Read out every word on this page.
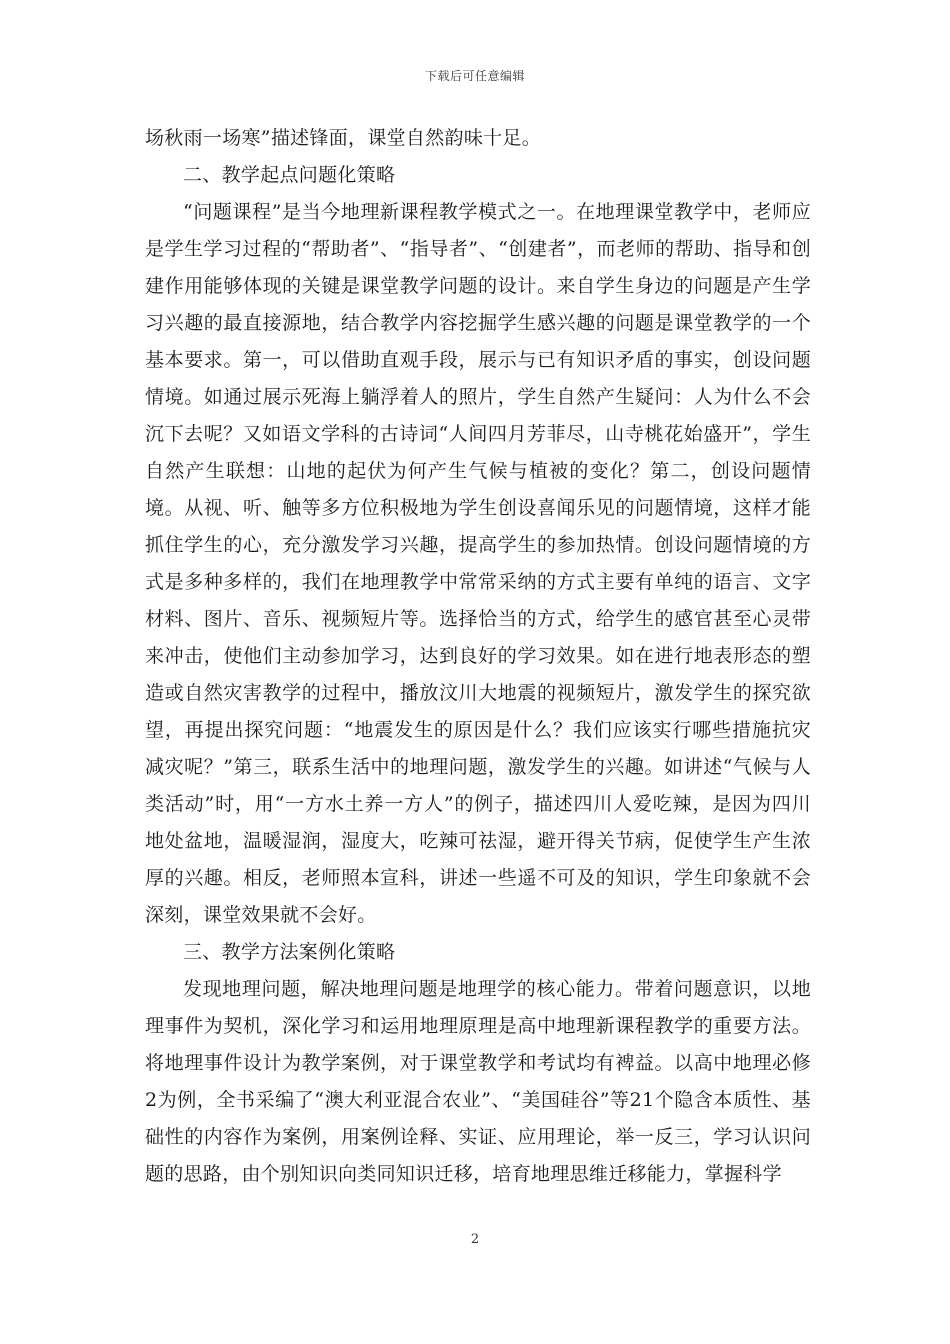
下载后可任意编辑

场秋雨一场寒”描述锋面，课堂自然韵味十足。

二、教学起点问题化策略

“问题课程”是当今地理新课程教学模式之一。在地理课堂教学中，老师应是学生学习过程的“帮助者”、“指导者”、“创建者”，而老师的帮助、指导和创建作用能够体现的关键是课堂教学问题的设计。来自学生身边的问题是产生学习兴趣的最直接源地，结合教学内容挖掘学生感兴趣的问题是课堂教学的一个基本要求。第一，可以借助直观手段，展示与已有知识矛盾的事实，创设问题情境。如通过展示死海上躺浮着人的照片，学生自然产生疑问：人为什么不会沉下去呢？又如语文学科的古诗词“人间四月芳菲尽，山寺桃花始盛开”，学生自然产生联想：山地的起伏为何产生气候与植被的变化？第二，创设问题情境。从视、听、触等多方位积极地为学生创设喜闻乐见的问题情境，这样才能抓住学生的心，充分激发学习兴趣，提高学生的参加热情。创设问题情境的方式是多种多样的，我们在地理教学中常常采纳的方式主要有单纯的语言、文字材料、图片、音乐、视频短片等。选择恰当的方式，给学生的感官甚至心灵带来冲击，使他们主动参加学习，达到良好的学习效果。如在进行地表形态的塑造或自然灾害教学的过程中，播放汶川大地震的视频短片，激发学生的探究欲望，再提出探究问题：“地震发生的原因是什么？我们应该实行哪些措施抗灾减灾呢？”第三，联系生活中的地理问题，激发学生的兴趣。如讲述“气候与人类活动”时，用“一方水土养一方人”的例子，描述四川人爱吃辣，是因为四川地处盆地，温暖湿润，湿度大，吃辣可祛湿，避开得关节病，促使学生产生浓厚的兴趣。相反，老师照本宣科，讲述一些遥不可及的知识，学生印象就不会深刻，课堂效果就不会好。

三、教学方法案例化策略

发现地理问题，解决地理问题是地理学的核心能力。带着问题意识，以地理事件为契机，深化学习和运用地理原理是高中地理新课程教学的重要方法。将地理事件设计为教学案例，对于课堂教学和考试均有裨益。以高中地理必修2为例，全书采编了“澳大利亚混合农业”、“美国硅谷”等21个隐含本质性、基础性的内容作为案例，用案例诠释、实证、应用理论，举一反三，学习认识问题的思路，由个别知识向类同知识迁移，培育地理思维迁移能力，掌握科学

2
